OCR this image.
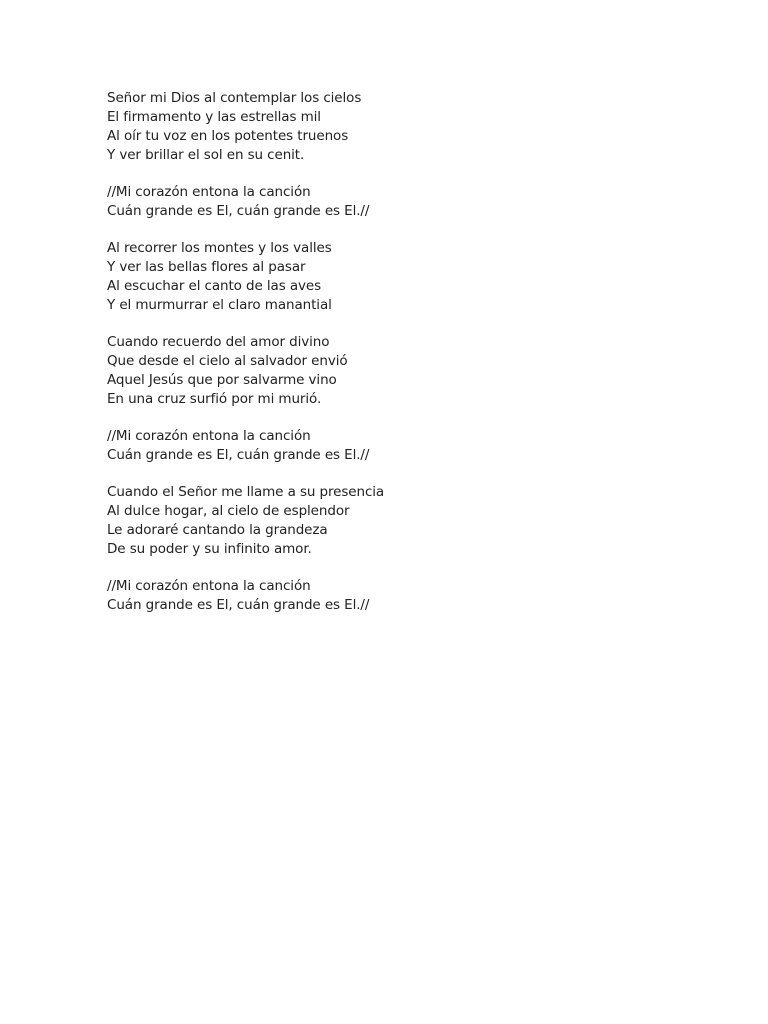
Señor mi Dios al contemplar los cielos
El firmamento y las estrellas mil
Al oír tu voz en los potentes truenos
Y ver brillar el sol en su cenit.
//Mi corazón entona la canción
Cuán grande es El, cuán grande es El.//
Al recorrer los montes y los valles
Y ver las bellas flores al pasar
Al escuchar el canto de las aves
Y el murmurrar el claro manantial
Cuando recuerdo del amor divino
Que desde el cielo al salvador envió
Aquel Jesús que por salvarme vino
En una cruz surfió por mi murió.
//Mi corazón entona la canción
Cuán grande es El, cuán grande es El.//
Cuando el Señor me llame a su presencia
Al dulce hogar, al cielo de esplendor
Le adoraré cantando la grandeza
De su poder y su infinito amor.
//Mi corazón entona la canción
Cuán grande es El, cuán grande es El.//
